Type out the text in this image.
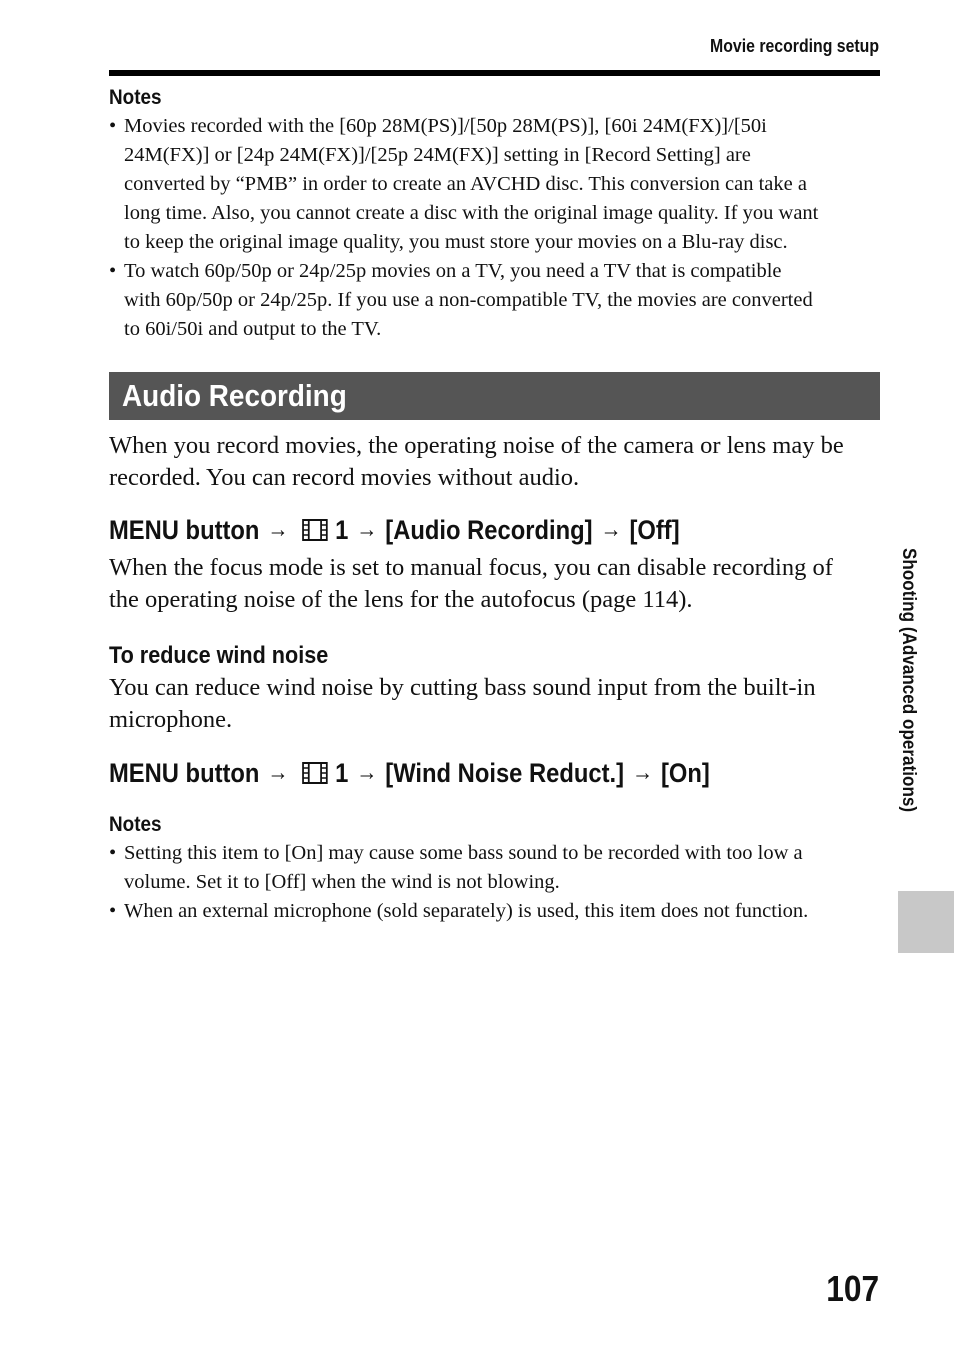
Movie recording setup

Notes

• Movies recorded with the [60p 28M(PS)]/[50p 28M(PS)], [60i 24M(FX)]/[50i
24M(FX)] or [24p 24M(FX)]/[25p 24M(FX)] setting in [Record Setting] are
converted by “PMB” in order to create an AVCHD disc. This conversion can take a
long time. Also, you cannot create a disc with the original image quality. If you want
to keep the original image quality, you must store your movies on a Blu-ray disc.
• To watch 60p/50p or 24p/25p movies on a TV, you need a TV that is compatible
with 60p/50p or 24p/25p. If you use a non-compatible TV, the movies are converted
to 60i/50i and output to the TV.
Audio Recording

When you record movies, the operating noise of the camera or lens may be
recorded. You can record movies without audio.

MENU button → 1 → [Audio Recording] → [Off]

When the focus mode is set to manual focus, you can disable recording of
the operating noise of the lens for the autofocus (page 114).

To reduce wind noise

You can reduce wind noise by cutting bass sound input from the built-in
microphone.

MENU button → 1 → [Wind Noise Reduct.] → [On]

Notes

• Setting this item to [On] may cause some bass sound to be recorded with too low a
volume. Set it to [Off] when the wind is not blowing.
• When an external microphone (sold separately) is used, this item does not function.
Shooting (Advanced operations)
107
